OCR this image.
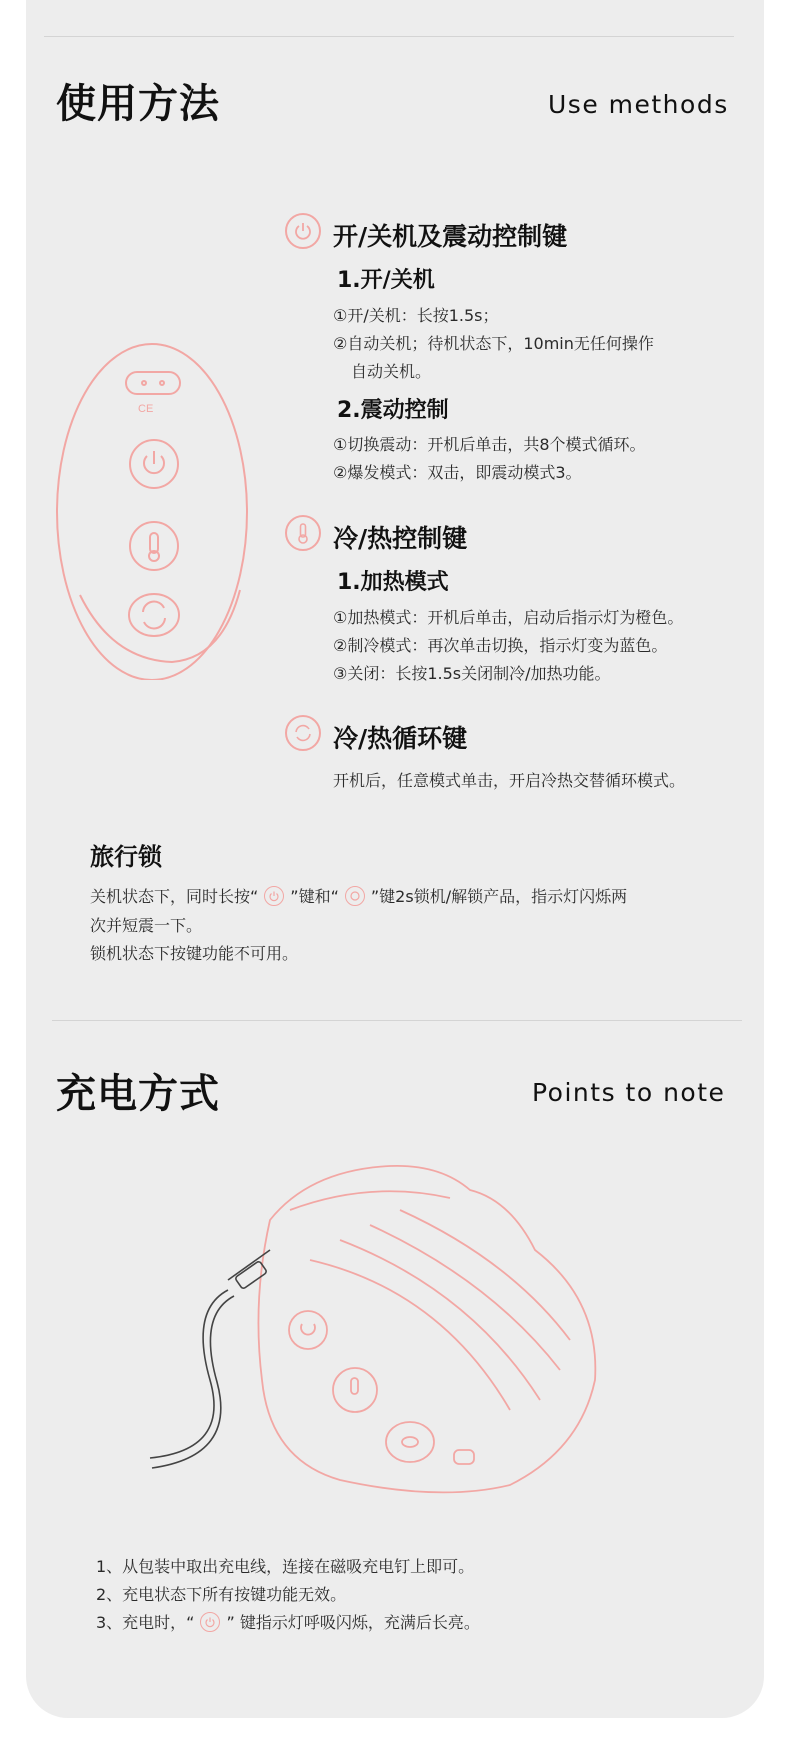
使用方法	Use methods
CE
开/关机及震动控制键
1.开/关机
①开/关机：长按1.5s；
②自动关机；待机状态下，10min无任何操作
自动关机。
2.震动控制
①切换震动：开机后单击，共8个模式循环。
②爆发模式：双击，即震动模式3。
冷/热控制键
1.加热模式
①加热模式：开机后单击，启动后指示灯为橙色。
②制冷模式：再次单击切换，指示灯变为蓝色。
③关闭：长按1.5s关闭制冷/加热功能。
冷/热循环键
开机后，任意模式单击，开启冷热交替循环模式。
旅行锁
关机状态下，同时长按“ ”键和“ ”键2s锁机/解锁产品，指示灯闪烁两
次并短震一下。
锁机状态下按键功能不可用。
充电方式	Points to note
1、从包装中取出充电线，连接在磁吸充电钉上即可。
2、充电状态下所有按键功能无效。
3、充电时，“ ” 键指示灯呼吸闪烁，充满后长亮。
